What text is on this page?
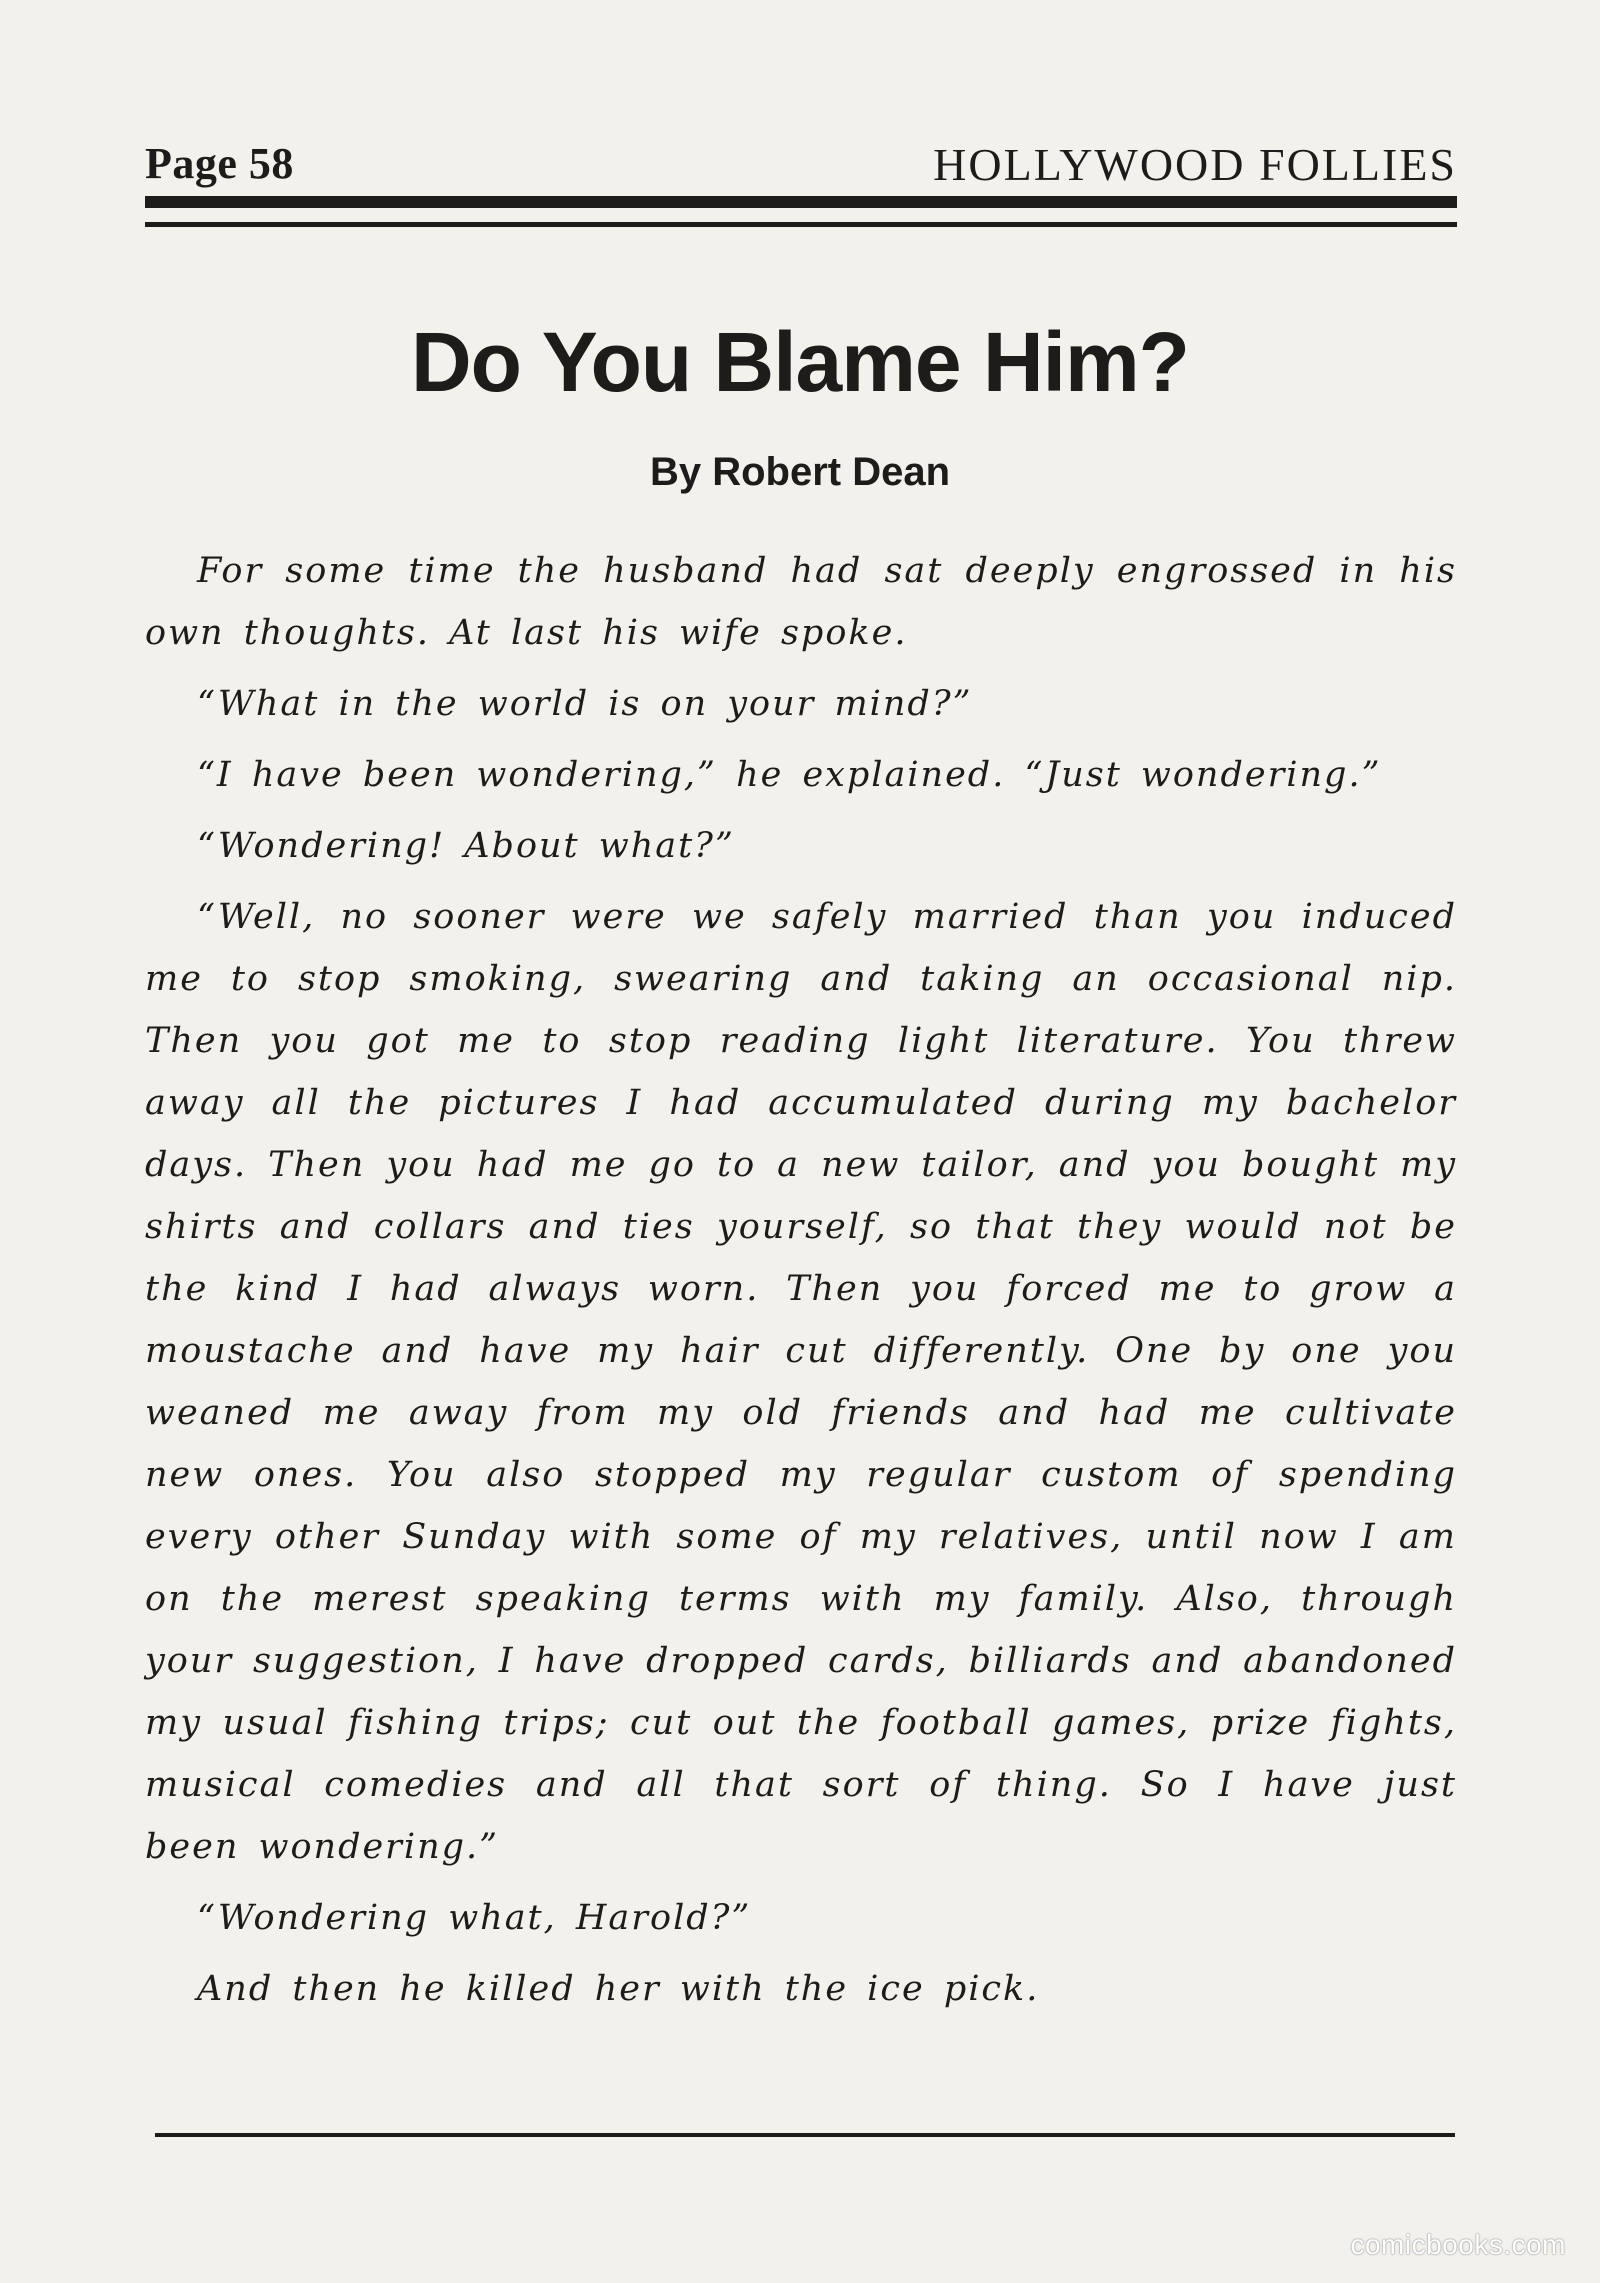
Page 58	HOLLYWOOD FOLLIES
Do You Blame Him?
By Robert Dean

For some time the husband had sat deeply engrossed in his own thoughts. At last his wife spoke.

“What in the world is on your mind?”

“I have been wondering,” he explained. “Just wondering.”

“Wondering! About what?”

“Well, no sooner were we safely married than you induced me to stop smoking, swearing and taking an occasional nip. Then you got me to stop reading light literature. You threw away all the pictures I had accumulated during my bachelor days. Then you had me go to a new tailor, and you bought my shirts and collars and ties yourself, so that they would not be the kind I had always worn. Then you forced me to grow a moustache and have my hair cut differently. One by one you weaned me away from my old friends and had me cultivate new ones. You also stopped my regular custom of spending every other Sunday with some of my relatives, until now I am on the merest speaking terms with my family. Also, through your suggestion, I have dropped cards, billiards and abandoned my usual fishing trips; cut out the football games, prize fights, musical comedies and all that sort of thing. So I have just been wondering.”

“Wondering what, Harold?”

And then he killed her with the ice pick.

comicbooks.com
